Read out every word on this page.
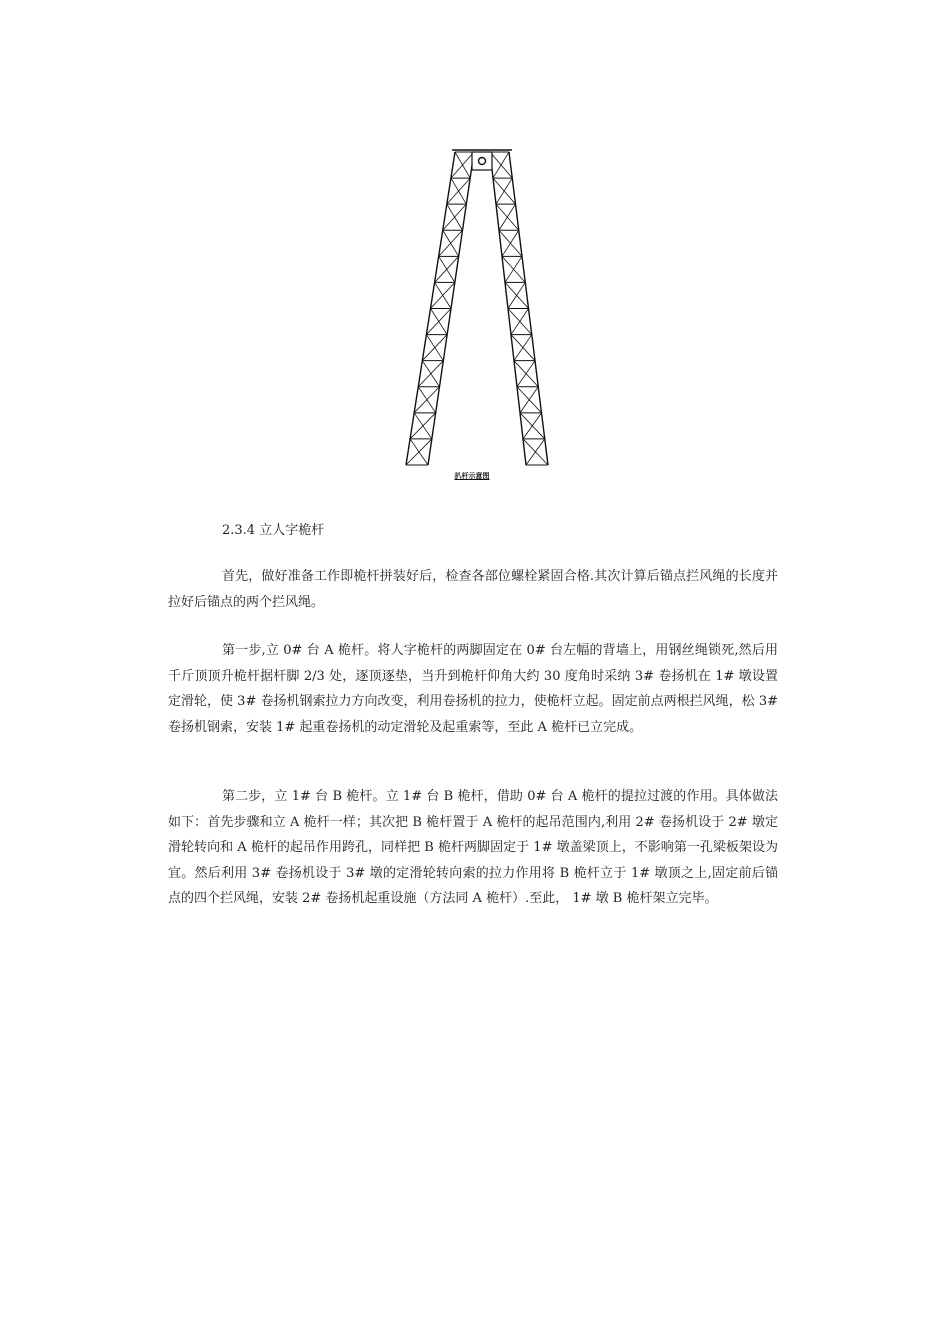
扒杆示意图
2.3.4 立人字桅杆

首先，做好准备工作即桅杆拼装好后，检查各部位螺栓紧固合格.其次计算后锚点拦风绳的长度并拉好后锚点的两个拦风绳。

第一步,立 0# 台 A 桅杆。将人字桅杆的两脚固定在 0# 台左幅的背墙上，用钢丝绳锁死,然后用千斤顶顶升桅杆据杆脚 2/3 处，逐顶逐垫，当升到桅杆仰角大约 30 度角时采纳 3# 卷扬机在 1# 墩设置定滑轮，使 3# 卷扬机钢索拉力方向改变，利用卷扬机的拉力，使桅杆立起。固定前点两根拦风绳，松 3# 卷扬机钢索，安装 1# 起重卷扬机的动定滑轮及起重索等，至此 A 桅杆已立完成。

第二步，立 1# 台 B 桅杆。立 1# 台 B 桅杆，借助 0# 台 A 桅杆的提拉过渡的作用。具体做法如下：首先步骤和立 A 桅杆一样；其次把 B 桅杆置于 A 桅杆的起吊范围内,利用 2# 卷扬机设于 2# 墩定滑轮转向和 A 桅杆的起吊作用跨孔，同样把 B 桅杆两脚固定于 1# 墩盖梁顶上，不影响第一孔梁板架设为宜。然后利用 3# 卷扬机设于 3# 墩的定滑轮转向索的拉力作用将 B 桅杆立于 1# 墩顶之上,固定前后锚点的四个拦风绳，安装 2# 卷扬机起重设施（方法同 A 桅杆）.至此， 1# 墩 B 桅杆架立完毕。
